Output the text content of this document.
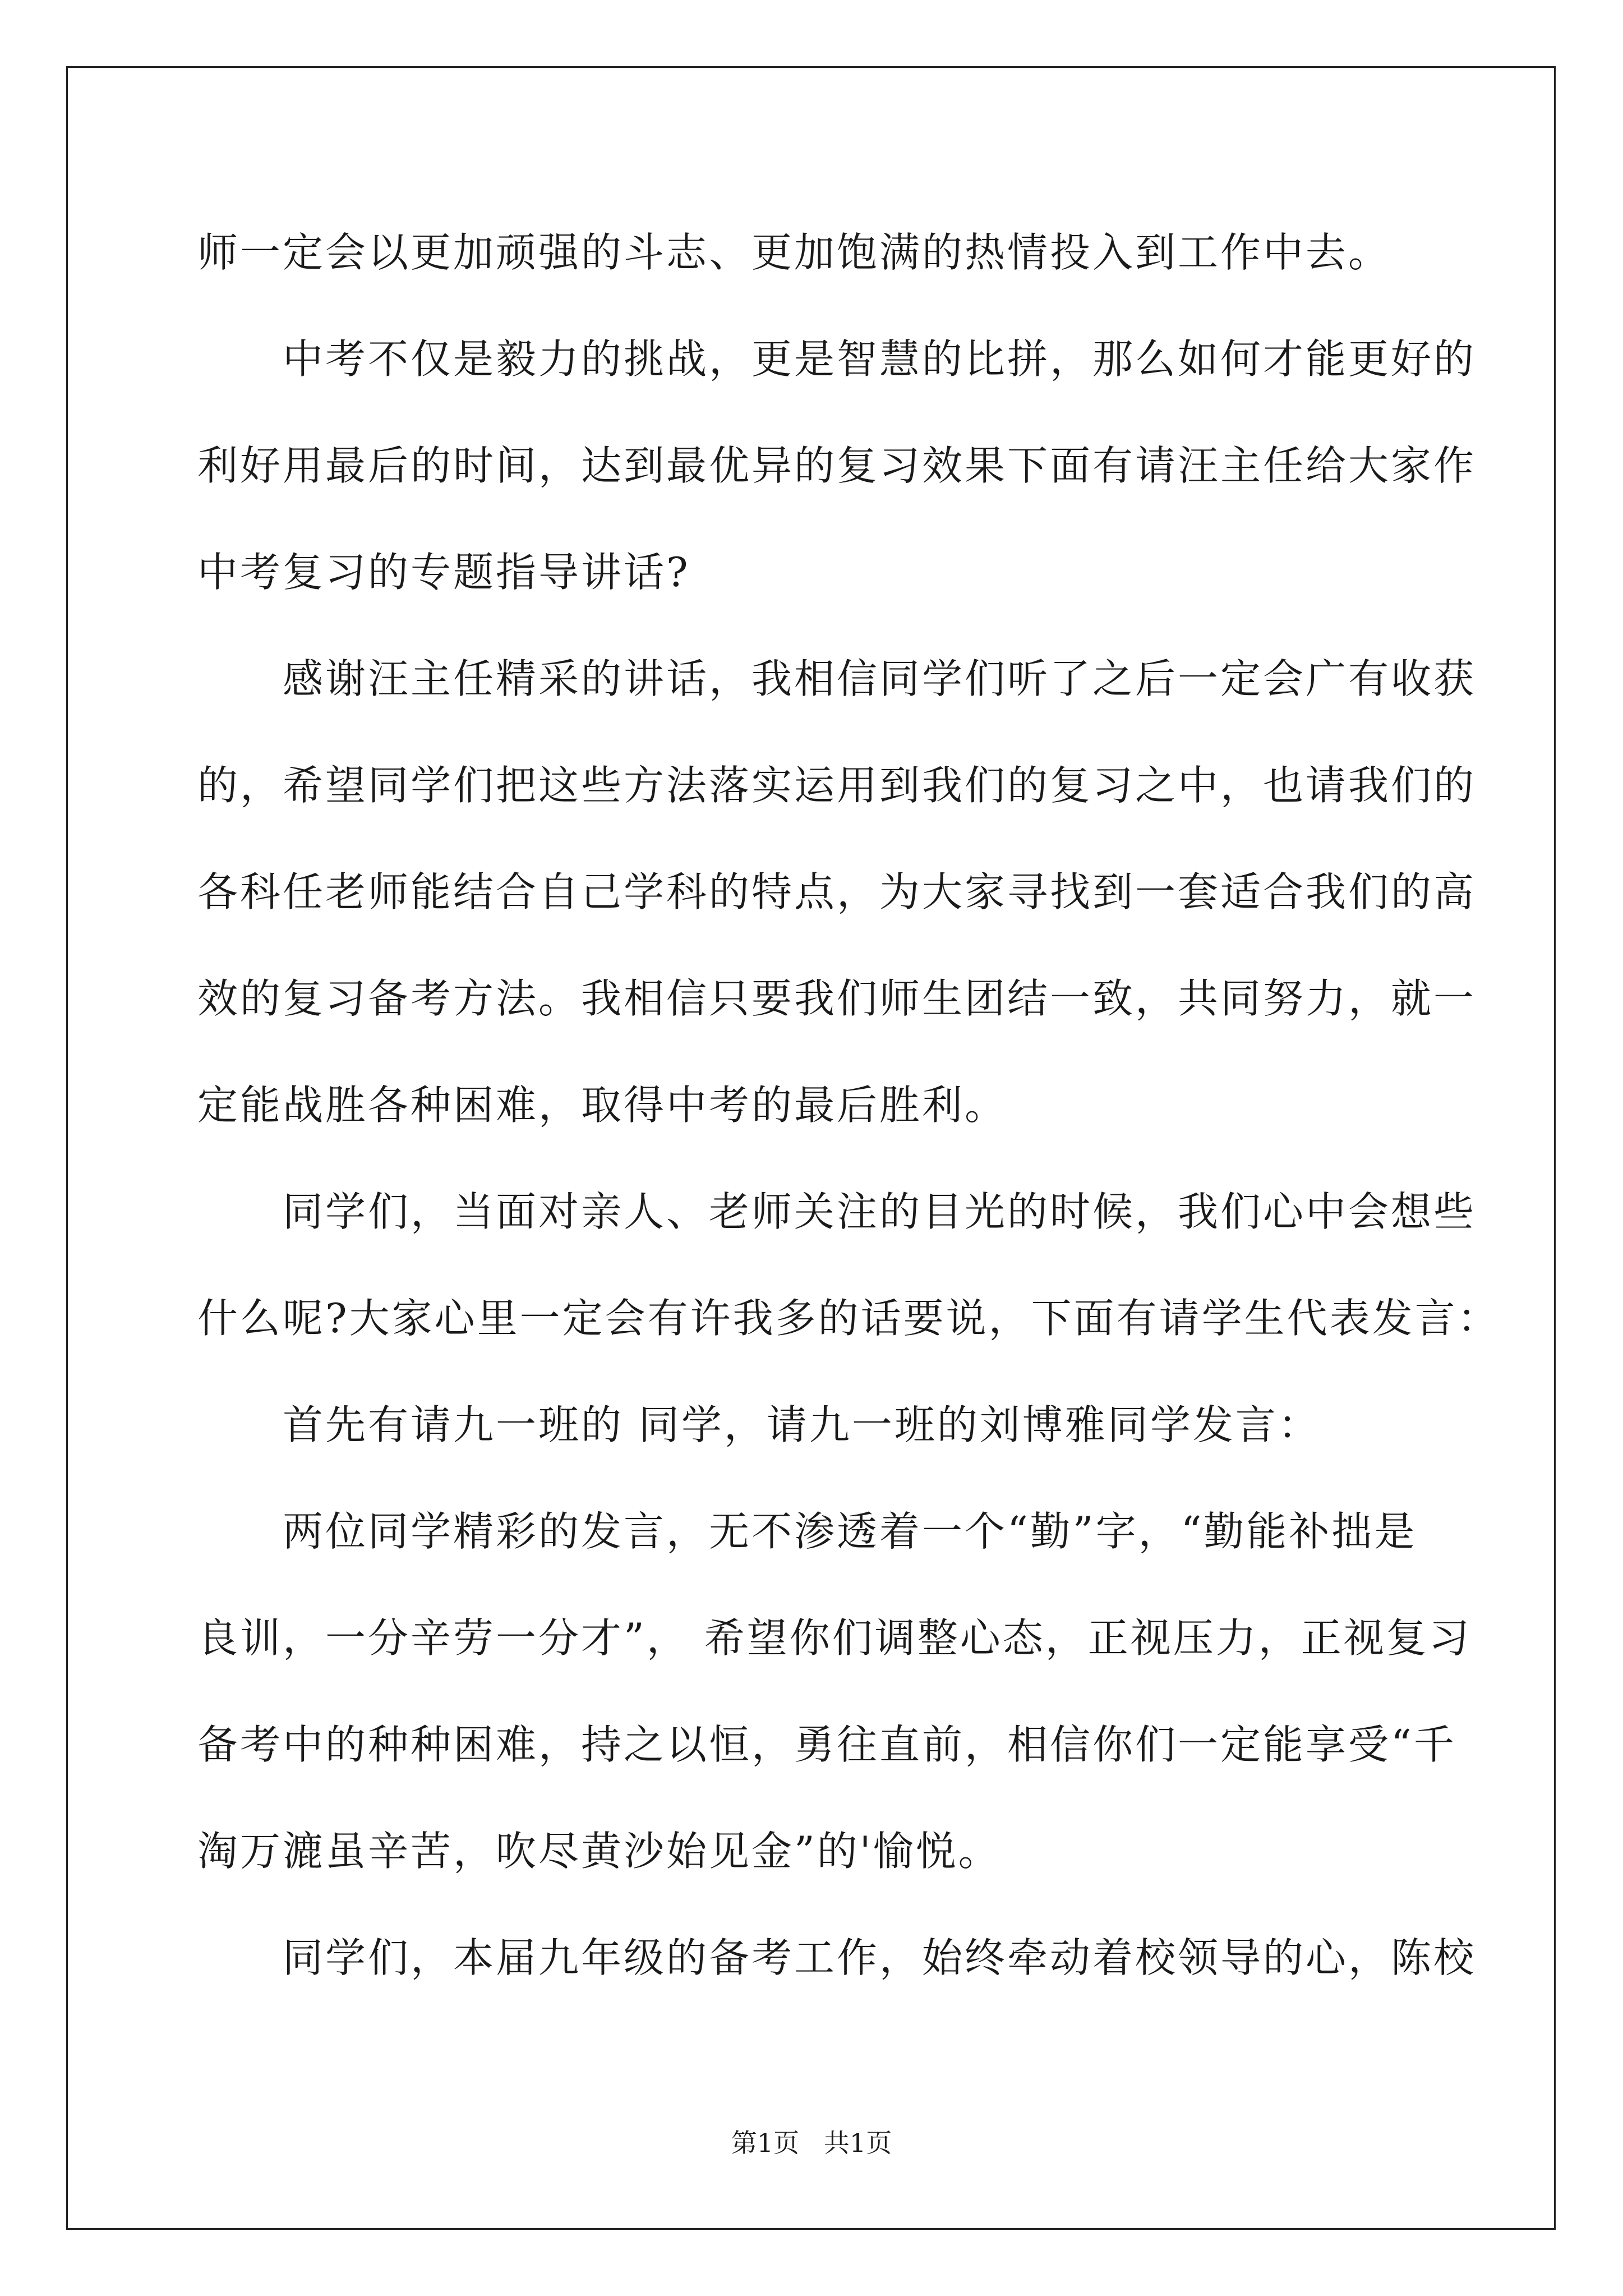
师一定会以更加顽强的斗志、更加饱满的热情投入到工作中去。
中考不仅是毅力的挑战，更是智慧的比拼，那么如何才能更好的
利好用最后的时间，达到最优异的复习效果下面有请汪主任给大家作
中考复习的专题指导讲话?
感谢汪主任精采的讲话，我相信同学们听了之后一定会广有收获
的，希望同学们把这些方法落实运用到我们的复习之中，也请我们的
各科任老师能结合自己学科的特点，为大家寻找到一套适合我们的高
效的复习备考方法。我相信只要我们师生团结一致，共同努力，就一
定能战胜各种困难，取得中考的最后胜利。
同学们，当面对亲人、老师关注的目光的时候，我们心中会想些
什么呢?大家心里一定会有许我多的话要说，下面有请学生代表发言：
首先有请九一班的 同学，请九一班的刘博雅同学发言：
两位同学精彩的发言，无不渗透着一个“勤”字，“勤能补拙是
良训，一分辛劳一分才”， 希望你们调整心态，正视压力，正视复习
备考中的种种困难，持之以恒，勇往直前，相信你们一定能享受“千
淘万漉虽辛苦，吹尽黄沙始见金”的'愉悦。
同学们，本届九年级的备考工作，始终牵动着校领导的心，陈校
第1页   共1页
